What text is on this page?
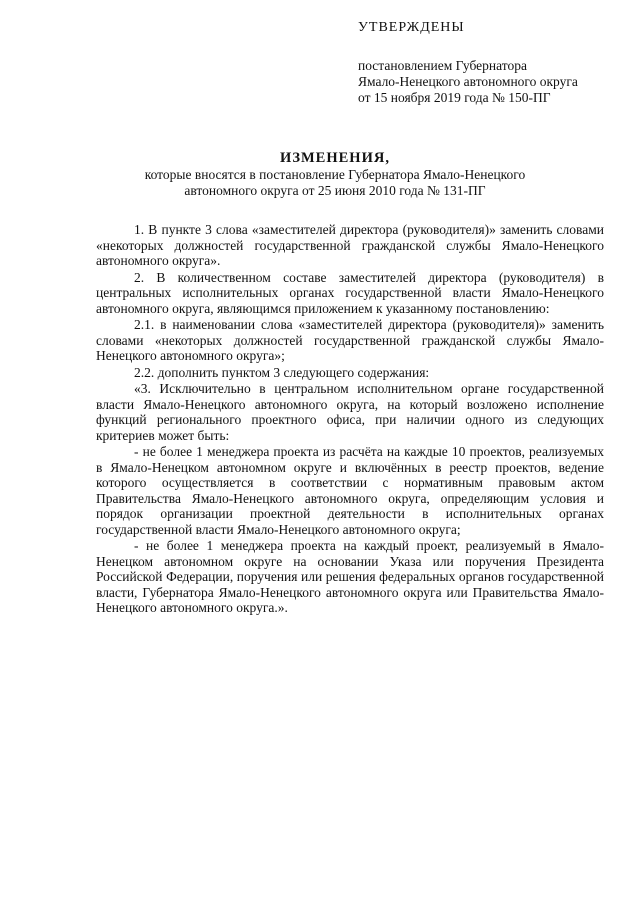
УТВЕРЖДЕНЫ

постановлением Губернатора

Ямало-Ненецкого автономного округа

от 15 ноября 2019 года № 150-ПГ

ИЗМЕНЕНИЯ,

которые вносятся в постановление Губернатора Ямало-Ненецкого

автономного округа от 25 июня 2010 года № 131-ПГ

1. В пункте 3 слова «заместителей директора (руководителя)» заменить словами «некоторых должностей государственной гражданской службы Ямало-Ненецкого автономного округа».

2. В количественном составе заместителей директора (руководителя) в центральных исполнительных органах государственной власти Ямало-Ненецкого автономного округа, являющимся приложением к указанному постановлению:

2.1. в наименовании слова «заместителей директора (руководителя)» заменить словами «некоторых должностей государственной гражданской службы Ямало-Ненецкого автономного округа»;

2.2. дополнить пунктом 3 следующего содержания:

«3. Исключительно в центральном исполнительном органе государственной власти Ямало-Ненецкого автономного округа, на который возложено исполнение функций регионального проектного офиса, при наличии одного из следующих критериев может быть:

- не более 1 менеджера проекта из расчёта на каждые 10 проектов, реализуемых в Ямало-Ненецком автономном округе и включённых в реестр проектов, ведение которого осуществляется в соответствии с нормативным правовым актом Правительства Ямало-Ненецкого автономного округа, определяющим условия и порядок организации проектной деятельности в исполнительных органах государственной власти Ямало-Ненецкого автономного округа;

- не более 1 менеджера проекта на каждый проект, реализуемый в Ямало-Ненецком автономном округе на основании Указа или поручения Президента Российской Федерации, поручения или решения федеральных органов государственной власти, Губернатора Ямало-Ненецкого автономного округа или Правительства Ямало-Ненецкого автономного округа.».
